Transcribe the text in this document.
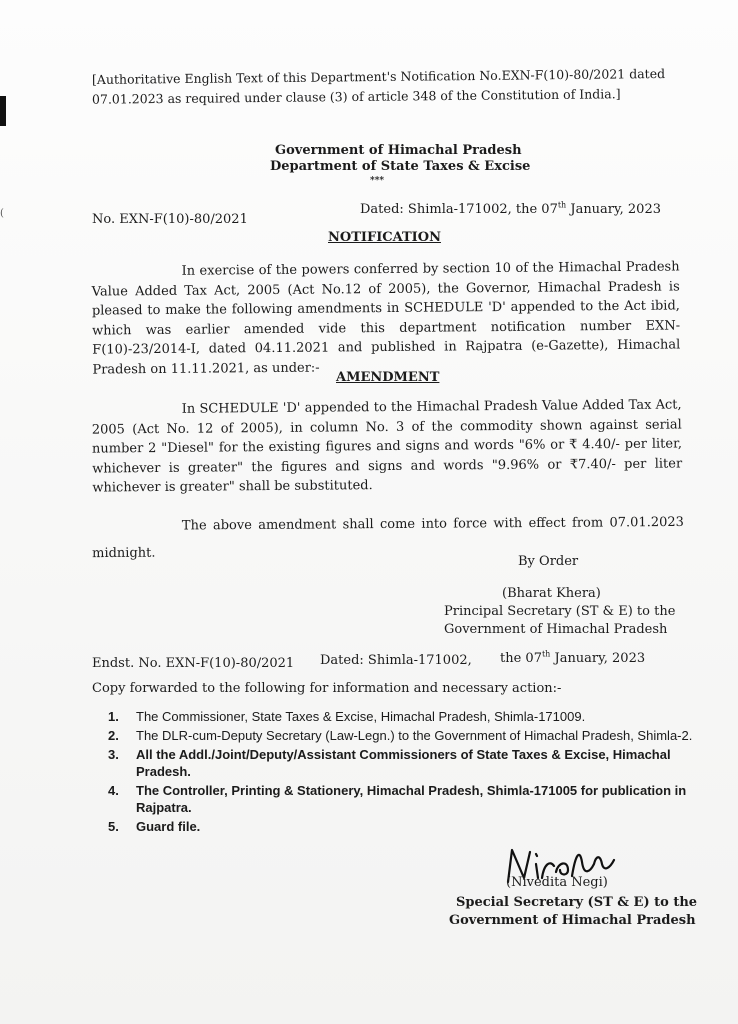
(
[Authoritative English Text of this Department's Notification No.EXN-F(10)-80/2021 dated
07.01.2023 as required under clause (3) of article 348 of the Constitution of India.]
Government of Himachal Pradesh
Department of State Taxes & Excise
***
No. EXN-F(10)-80/2021
Dated: Shimla-171002, the 07th January, 2023
NOTIFICATION
In exercise of the powers conferred by section 10 of the Himachal Pradesh Value Added Tax Act, 2005 (Act No.12 of 2005), the Governor, Himachal Pradesh is pleased to make the following amendments in SCHEDULE 'D' appended to the Act ibid, which was earlier amended vide this department notification number EXN-F(10)-23/2014-I, dated 04.11.2021 and published in Rajpatra (e-Gazette), Himachal Pradesh on 11.11.2021, as under:-
AMENDMENT
In SCHEDULE 'D' appended to the Himachal Pradesh Value Added Tax Act, 2005 (Act No. 12 of 2005), in column No. 3 of the commodity shown against serial number 2 "Diesel" for the existing figures and signs and words "6% or ₹ 4.40/- per liter, whichever is greater" the figures and signs and words "9.96% or ₹7.40/- per liter whichever is greater" shall be substituted.
The above amendment shall come into force with effect from 07.01.2023 midnight.
By Order
(Bharat Khera)
Principal Secretary (ST & E) to the
Government of Himachal Pradesh
Endst. No. EXN-F(10)-80/2021 Dated: Shimla-171002, the 07th January, 2023
Copy forwarded to the following for information and necessary action:-
1. The Commissioner, State Taxes & Excise, Himachal Pradesh, Shimla-171009.
2. The DLR-cum-Deputy Secretary (Law-Legn.) to the Government of Himachal Pradesh, Shimla-2.
3. All the Addl./Joint/Deputy/Assistant Commissioners of State Taxes & Excise, Himachal Pradesh.
4. The Controller, Printing & Stationery, Himachal Pradesh, Shimla-171005 for publication in Rajpatra.
5. Guard file.
(Nivedita Negi)
Special Secretary (ST & E) to the
Government of Himachal Pradesh
